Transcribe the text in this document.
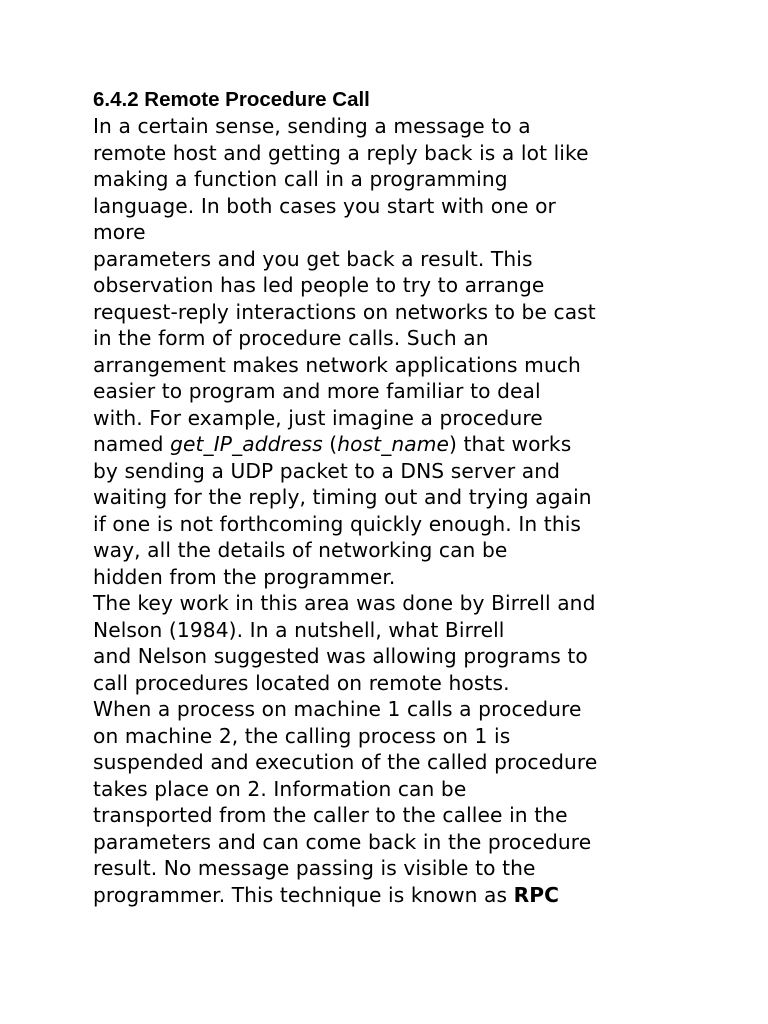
6.4.2 Remote Procedure Call
In a certain sense, sending a message to a
remote host and getting a reply back is a lot like
making a function call in a programming
language. In both cases you start with one or
more
parameters and you get back a result. This
observation has led people to try to arrange
request-reply interactions on networks to be cast
in the form of procedure calls. Such an
arrangement makes network applications much
easier to program and more familiar to deal
with. For example, just imagine a procedure
named get_IP_address (host_name) that works
by sending a UDP packet to a DNS server and
waiting for the reply, timing out and trying again
if one is not forthcoming quickly enough. In this
way, all the details of networking can be
hidden from the programmer.
The key work in this area was done by Birrell and
Nelson (1984). In a nutshell, what Birrell
and Nelson suggested was allowing programs to
call procedures located on remote hosts.
When a process on machine 1 calls a procedure
on machine 2, the calling process on 1 is
suspended and execution of the called procedure
takes place on 2. Information can be
transported from the caller to the callee in the
parameters and can come back in the procedure
result. No message passing is visible to the
programmer. This technique is known as RPC
